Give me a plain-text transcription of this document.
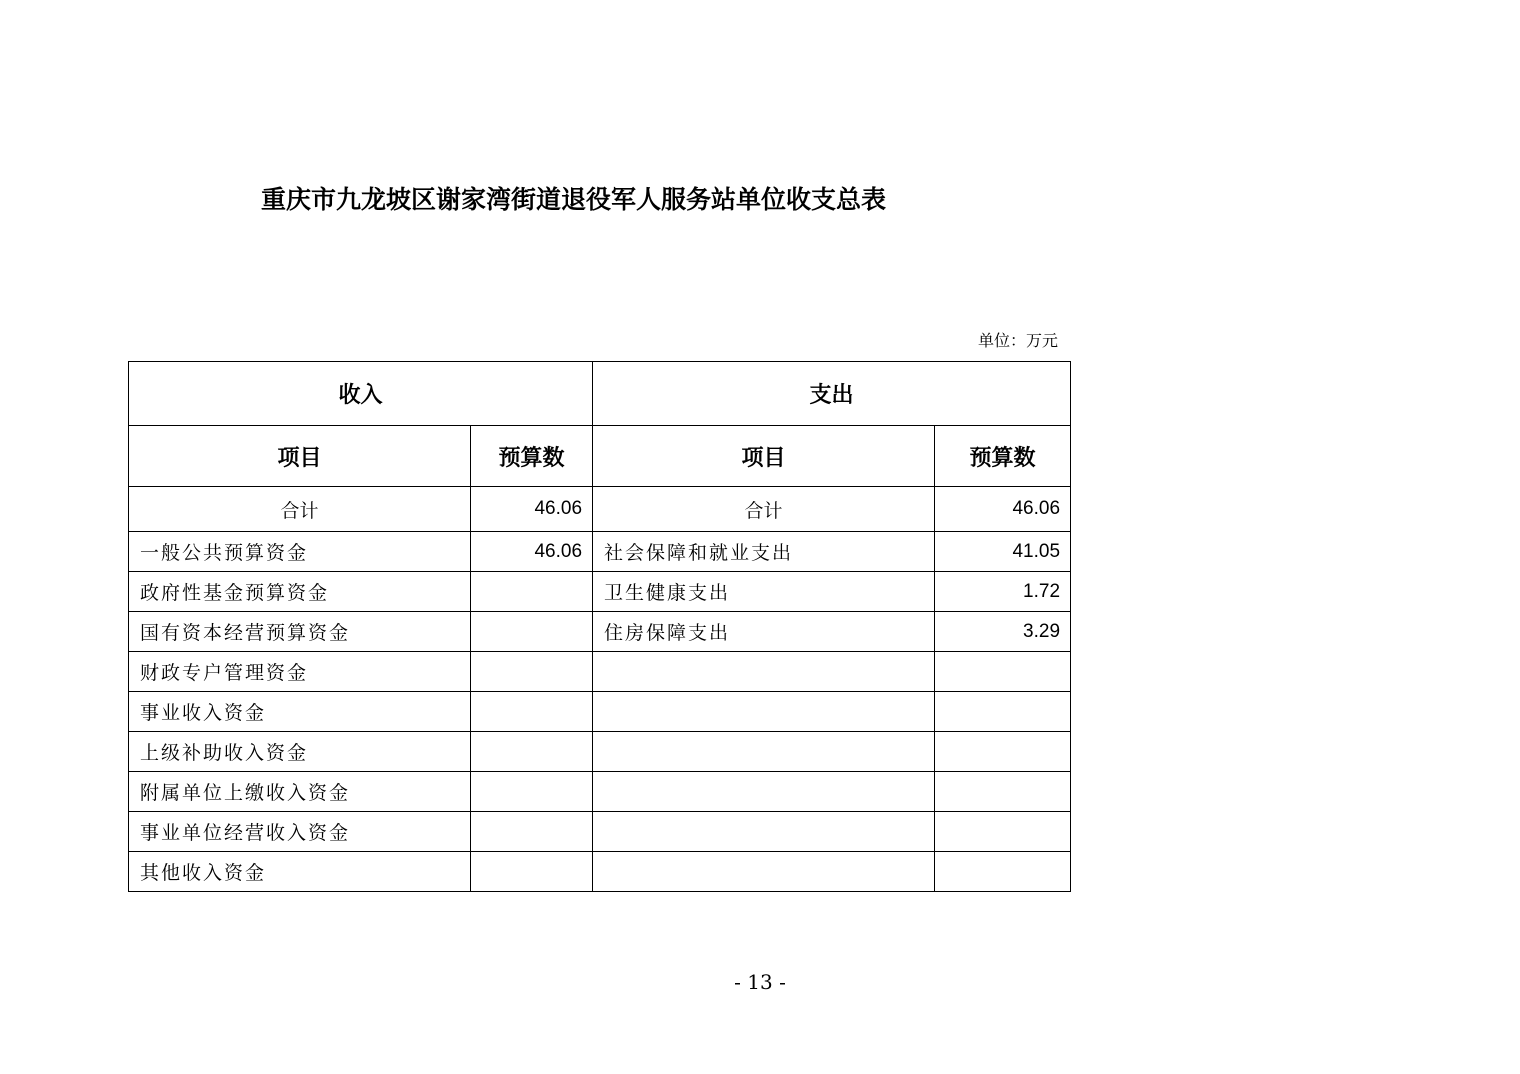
重庆市九龙坡区谢家湾街道退役军人服务站单位收支总表
单位：万元
收入		支出	
项目	预算数	项目	预算数
合计	46.06	合计	46.06
一般公共预算资金	46.06	社会保障和就业支出	41.05
政府性基金预算资金		卫生健康支出	1.72
国有资本经营预算资金		住房保障支出	3.29
财政专户管理资金			
事业收入资金			
上级补助收入资金			
附属单位上缴收入资金			
事业单位经营收入资金			
其他收入资金			
- 13 -
